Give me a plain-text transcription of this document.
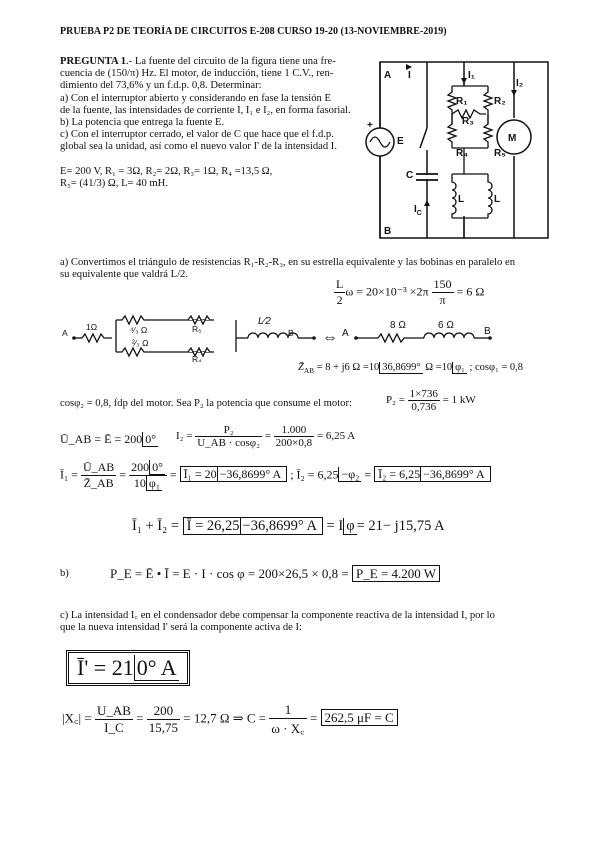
PRUEBA P2 DE TEORÍA DE CIRCUITOS E-208 CURSO 19-20 (13-NOVIEMBRE-2019)
PREGUNTA 1.- La fuente del circuito de la figura tiene una fre-
cuencia de (150/π) Hz. El motor, de inducción, tiene 1 C.V., ren-
dimiento del 73,6% y un f.d.p. 0,8. Determinar:
a) Con el interruptor abierto y considerando en fase la tensión E
de la fuente, las intensidades de corriente I, I₁ e I₂, en forma fasorial.
b) La potencia que entrega la fuente E.
c) Con el interruptor cerrado, el valor de C que hace que el f.d.p.
global sea la unidad, así como el nuevo valor I' de la intensidad I.
E= 200 V, R₁ = 3Ω, R₂= 2Ω, R₃= 1Ω, R₄ =13,5 Ω,
R₅= (41/3) Ω, L= 40 mH.
A I	I₁
I₂
R₁	R₂
R₃
R₄	R₅
E
+
C
$I_C$
L	L
M
B
a) Convertimos el triángulo de resistencias R₁-R₂-R₃, en su estrella equivalente y las bobinas en paralelo en
su equivalente que valdrá L/2.
$\frac{L}{2}$ $\omega = 20\times 10^{-3} \times 2\pi \frac{150}{\pi} = 6$ Ω
A
1Ω	⁴⁄₃ Ω	R₅
²⁄₃ Ω
R₄
L⁄2
B ⇔ A
8 Ω	6 Ω
B
$Z̄_{AB} = 8 + j6$ Ω =10 36,8699° Ω =10 φ₁ ; cosφ₁ = 0,8
cosφ₂ = 0,8, fdp del motor. Sea P₂ la potencia que consume el motor:	$P_2 = \frac{1\times 736}{0,736} = 1$ kW
Ū_AB = Ē = 200 0° $I_2 = \frac{\text{P₂}}{\text{U\_AB · cosφ₂}} = \frac{1.000}{200\times 0,8} = 6,25$ A
Ī₁ = $\frac{Ū\_AB}{Z̄\_AB} = \frac{200 0^\circ}{\text{10 φ₁}}$ = Ī₁ = 20 −36,8699° A ; Ī₂ = 6,25 −φ₂ = Ī₂ = 6,25 −36,8699° A
Ī₁ + Ī₂ = Ī = 26,25 −36,8699° A = I φ = 21− j15,75 A
b)	P_E = Ē • Ī = E · I · cos φ = 200×26,5 × 0,8 = P_E = 4.200 W
c) La intensidad I꜀ en el condensador debe compensar la componente reactiva de la intensidad I, por lo
que la nueva intensidad I' será la componente activa de I:
Ī' = 21 0° A
|X꜀| = $\frac{U\_AB}{I\_C} = \frac{200}{15,75} = 12,7$ Ω ⇒ $C = \frac{1}{\omega \cdot X꜀} = 262,5$ μF = C
